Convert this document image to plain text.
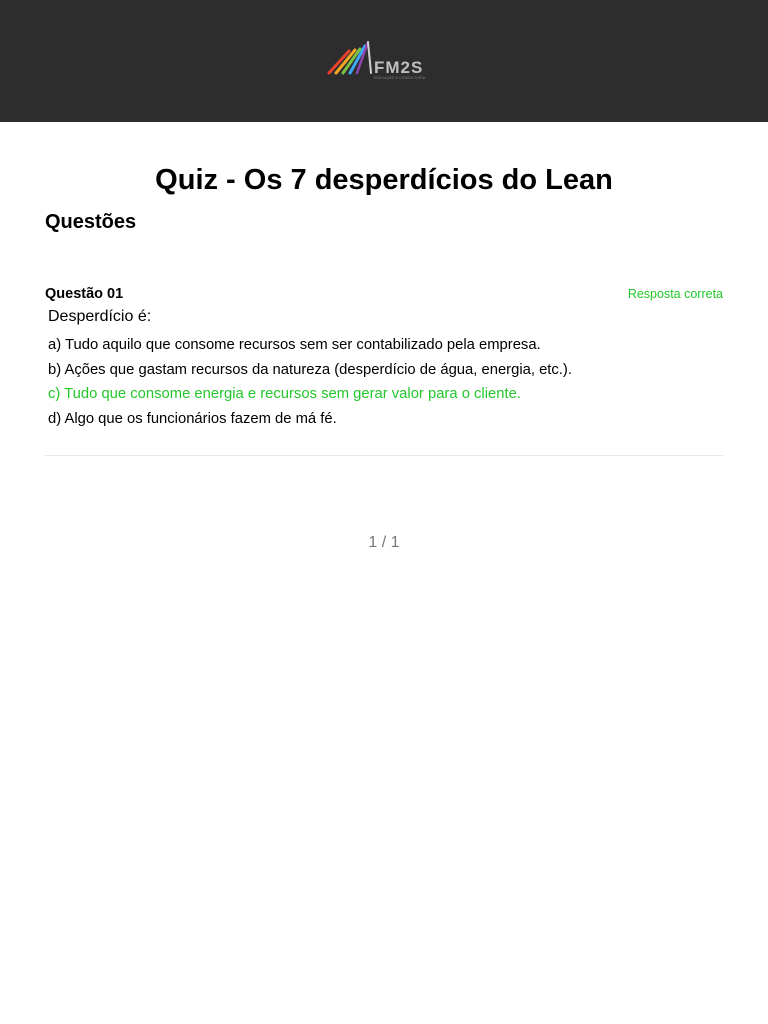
FM2S
EDUCAÇÃO E CONSULTORIA
Quiz - Os 7 desperdícios do Lean
Questões
Questão 01	Resposta correta
Desperdício é:
a) Tudo aquilo que consome recursos sem ser contabilizado pela empresa.
b) Ações que gastam recursos da natureza (desperdício de água, energia, etc.).
c) Tudo que consome energia e recursos sem gerar valor para o cliente.
d) Algo que os funcionários fazem de má fé.
1 / 1
